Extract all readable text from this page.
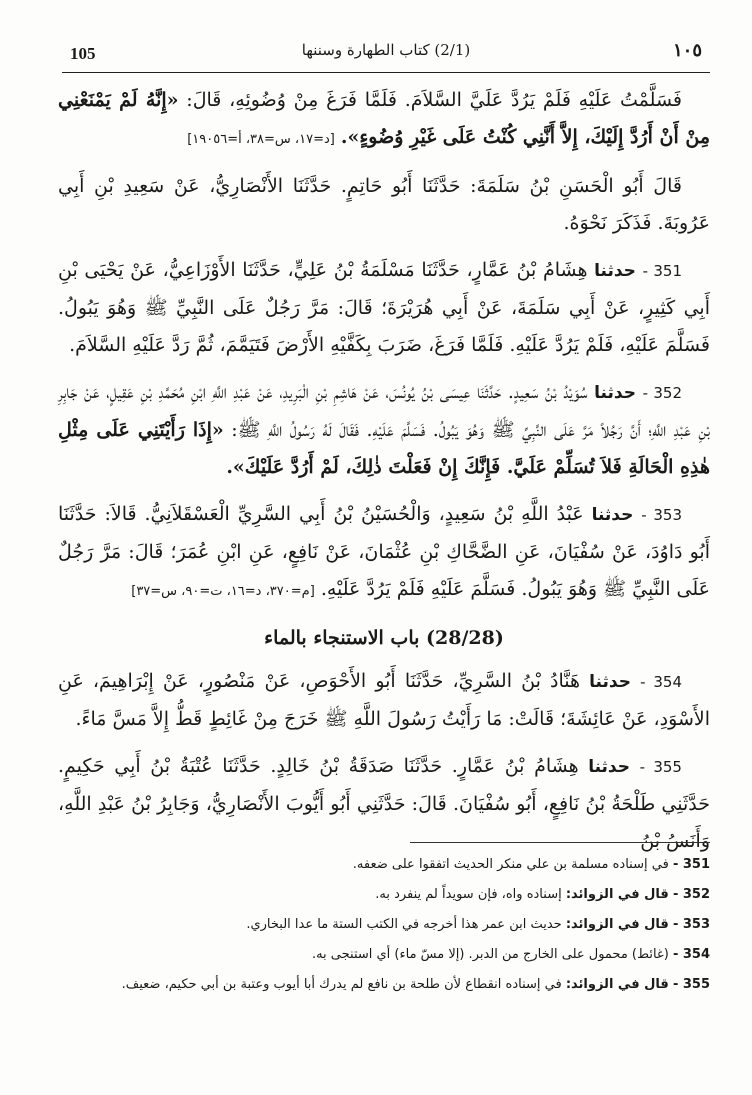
105	(2/1) كتاب الطهارة وسننها	١٠٥

فَسَلَّمْتُ عَلَيْهِ فَلَمْ يَرُدَّ عَلَيَّ السَّلاَمَ. فَلَمَّا فَرَغَ مِنْ وُضُوئِهِ، قَالَ: «إِنَّهُ لَمْ يَمْنَعْنِي مِنْ أَنْ أَرُدَّ إِلَيْكَ، إِلاَّ أَنَّنِي كُنْتُ عَلَى غَيْرِ وُضُوءٍ». [د=١٧، س=٣٨، أ=١٩٠٥٦]

قَالَ أَبُو الْحَسَنِ بْنُ سَلَمَةَ: حَدَّثَنَا أَبُو حَاتِمٍ. حَدَّثَنَا الأَنْصَارِيُّ، عَنْ سَعِيدِ بْنِ أَبِي عَرُوبَةَ. فَذَكَرَ نَحْوَهُ.

351 - حدثنا هِشَامُ بْنُ عَمَّارٍ، حَدَّثَنَا مَسْلَمَةُ بْنُ عَلِيٍّ، حَدَّثَنَا الأَوْزَاعِيُّ، عَنْ يَحْيَى بْنِ أَبِي كَثِيرٍ، عَنْ أَبِي سَلَمَةَ، عَنْ أَبِي هُرَيْرَةَ؛ قَالَ: مَرَّ رَجُلٌ عَلَى النَّبِيِّ ﷺ وَهُوَ يَبُولُ. فَسَلَّمَ عَلَيْهِ، فَلَمْ يَرُدَّ عَلَيْهِ. فَلَمَّا فَرَغَ، ضَرَبَ بِكَفَّيْهِ الأَرْضَ فَتَيَمَّمَ، ثُمَّ رَدَّ عَلَيْهِ السَّلاَمَ.

352 - حدثنا سُوَيْدُ بْنُ سَعِيدٍ. حَدَّثَنَا عِيسَى بْنُ يُونُسَ، عَنْ هَاشِمِ بْنِ الْبَرِيدِ، عَنْ عَبْدِ اللَّهِ ابْنِ مُحَمَّدِ بْنِ عَقِيلٍ، عَنْ جَابِرِ بْنِ عَبْدِ اللَّهِ؛ أَنَّ رَجُلاً مَرَّ عَلَى النَّبِيِّ ﷺ وَهُوَ يَبُولُ. فَسَلَّمَ عَلَيْهِ. فَقَالَ لَهُ رَسُولُ اللَّهِ ﷺ: «إِذَا رَأَيْتَنِي عَلَى مِثْلِ هٰذِهِ الْحَالَةِ فَلاَ تُسَلِّمْ عَلَيَّ. فَإِنَّكَ إِنْ فَعَلْتَ ذٰلِكَ، لَمْ أَرُدَّ عَلَيْكَ».

353 - حدثنا عَبْدُ اللَّهِ بْنُ سَعِيدٍ، وَالْحُسَيْنُ بْنُ أَبِي السَّرِيِّ الْعَسْقَلاَنِيُّ. قَالاَ: حَدَّثَنَا أَبُو دَاوُدَ، عَنْ سُفْيَانَ، عَنِ الضَّحَّاكِ بْنِ عُثْمَانَ، عَنْ نَافِعٍ، عَنِ ابْنِ عُمَرَ؛ قَالَ: مَرَّ رَجُلٌ عَلَى النَّبِيِّ ﷺ وَهُوَ يَبُولُ. فَسَلَّمَ عَلَيْهِ فَلَمْ يَرُدَّ عَلَيْهِ. [م=٣٧٠، د=١٦، ت=٩٠، س=٣٧]

(28/28) باب الاستنجاء بالماء

354 - حدثنا هَنَّادُ بْنُ السَّرِيِّ، حَدَّثَنَا أَبُو الأَحْوَصِ، عَنْ مَنْصُورٍ، عَنْ إِبْرَاهِيمَ، عَنِ الأَسْوَدِ، عَنْ عَائِشَةَ؛ قَالَتْ: مَا رَأَيْتُ رَسُولَ اللَّهِ ﷺ خَرَجَ مِنْ غَائِطٍ قَطُّ إِلاَّ مَسَّ مَاءً.

355 - حدثنا هِشَامُ بْنُ عَمَّارٍ. حَدَّثَنَا صَدَقَةُ بْنُ خَالِدٍ. حَدَّثَنَا عُتْبَةُ بْنُ أَبِي حَكِيمٍ. حَدَّثَنِي طَلْحَةُ بْنُ نَافِعٍ، أَبُو سُفْيَانَ. قَالَ: حَدَّثَنِي أَبُو أَيُّوبَ الأَنْصَارِيُّ، وَجَابِرُ بْنُ عَبْدِ اللَّهِ، وَأَنَسُ بْنُ

351 - في إسناده مسلمة بن علي منكر الحديث اتفقوا على ضعفه.

352 - قال في الزوائد: إسناده واه، فإن سويداً لم ينفرد به.

353 - قال في الزوائد: حديث ابن عمر هذا أخرجه في الكتب الستة ما عدا البخاري.

354 - (غائط) محمول على الخارج من الدبر. (إلا مسّ ماء) أي استنجى به.

355 - قال في الزوائد: في إسناده انقطاع لأن طلحة بن نافع لم يدرك أبا أيوب وعتبة بن أبي حكيم، ضعيف.
